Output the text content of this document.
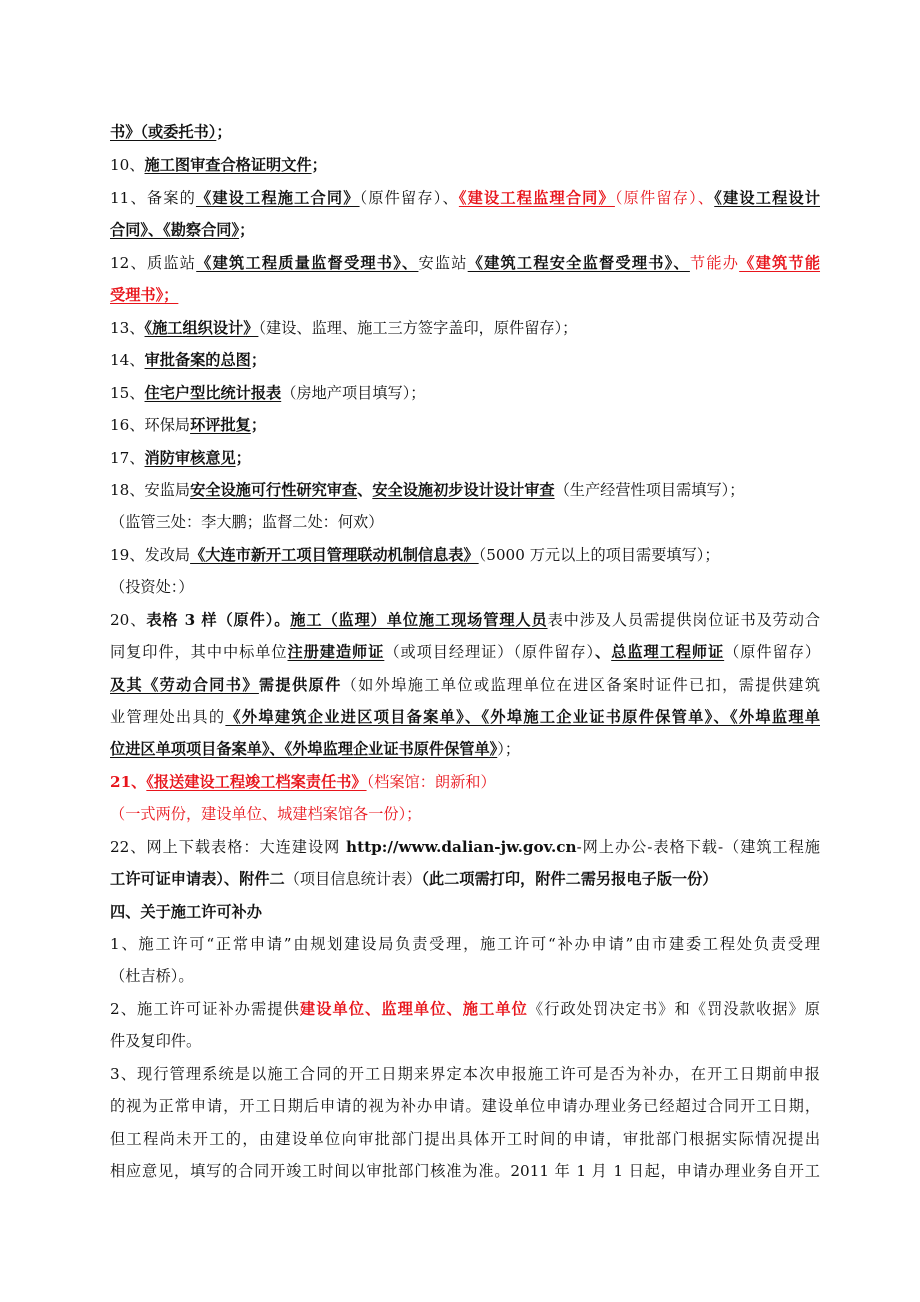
书》（或委托书）；
10、施工图审查合格证明文件；
11、备案的《建设工程施工合同》（原件留存）、《建设工程监理合同》（原件留存）、《建设工程设计
合同》、《勘察合同》；
12、质监站《建筑工程质量监督受理书》、安监站《建筑工程安全监督受理书》、节能办《建筑节能
受理书》；
13、《施工组织设计》（建设、监理、施工三方签字盖印，原件留存）；
14、审批备案的总图；
15、住宅户型比统计报表（房地产项目填写）；
16、环保局环评批复；
17、消防审核意见；
18、安监局安全设施可行性研究审查、安全设施初步设计设计审查（生产经营性项目需填写）；
（监管三处：李大鹏；监督二处：何欢）
19、发改局《大连市新开工项目管理联动机制信息表》（5000 万元以上的项目需要填写）；
（投资处：）
20、表格 3 样（原件）。施工（监理）单位施工现场管理人员表中涉及人员需提供岗位证书及劳动合
同复印件，其中中标单位注册建造师证（或项目经理证）（原件留存）、总监理工程师证（原件留存）
及其《劳动合同书》需提供原件（如外埠施工单位或监理单位在进区备案时证件已扣，需提供建筑
业管理处出具的《外埠建筑企业进区项目备案单》、《外埠施工企业证书原件保管单》、《外埠监理单
位进区单项项目备案单》、《外埠监理企业证书原件保管单》）；
21、《报送建设工程竣工档案责任书》（档案馆：朗新和）
（一式两份，建设单位、城建档案馆各一份）；
22、网上下载表格：大连建设网 http://www.dalian-jw.gov.cn-网上办公-表格下载-（建筑工程施
工许可证申请表）、附件二（项目信息统计表）（此二项需打印，附件二需另报电子版一份）
四、关于施工许可补办
1、施工许可“正常申请”由规划建设局负责受理，施工许可“补办申请”由市建委工程处负责受理
（杜吉桥）。
2、施工许可证补办需提供建设单位、监理单位、施工单位《行政处罚决定书》和《罚没款收据》原
件及复印件。
3、现行管理系统是以施工合同的开工日期来界定本次申报施工许可是否为补办，在开工日期前申报
的视为正常申请，开工日期后申请的视为补办申请。建设单位申请办理业务已经超过合同开工日期，
但工程尚未开工的，由建设单位向审批部门提出具体开工时间的申请，审批部门根据实际情况提出
相应意见，填写的合同开竣工时间以审批部门核准为准。2011 年 1 月 1 日起，申请办理业务自开工
